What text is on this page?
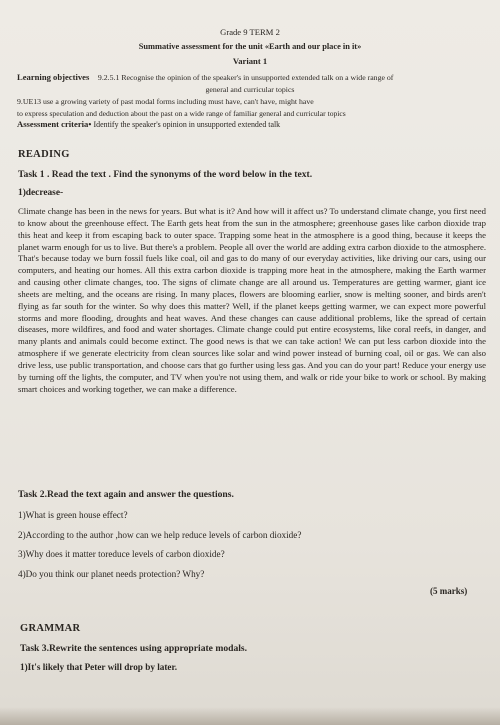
Grade 9 TERM 2
Summative assessment for the unit «Earth and our place in it»
Variant 1
Learning objectives 9.2.5.1 Recognise the opinion of the speaker's in unsupported extended talk on a wide range of
general and curricular topics
9.UE13 use a growing variety of past modal forms including must have, can't have, might have
to express speculation and deduction about the past on a wide range of familiar general and curricular topics
Assessment criteria• Identify the speaker's opinion in unsupported extended talk
READING
Task 1 . Read the text . Find the synonyms of the word below in the text.
1)decrease-
Climate change has been in the news for years. But what is it? And how will it affect us? To understand climate change, you first need to know about the greenhouse effect. The Earth gets heat from the sun in the atmosphere; greenhouse gases like carbon dioxide trap this heat and keep it from escaping back to outer space. Trapping some heat in the atmosphere is a good thing, because it keeps the planet warm enough for us to live. But there's a problem. People all over the world are adding extra carbon dioxide to the atmosphere. That's because today we burn fossil fuels like coal, oil and gas to do many of our everyday activities, like driving our cars, using our computers, and heating our homes. All this extra carbon dioxide is trapping more heat in the atmosphere, making the Earth warmer and causing other climate changes, too. The signs of climate change are all around us. Temperatures are getting warmer, giant ice sheets are melting, and the oceans are rising. In many places, flowers are blooming earlier, snow is melting sooner, and birds aren't flying as far south for the winter. So why does this matter? Well, if the planet keeps getting warmer, we can expect more powerful storms and more flooding, droughts and heat waves. And these changes can cause additional problems, like the spread of certain diseases, more wildfires, and food and water shortages. Climate change could put entire ecosystems, like coral reefs, in danger, and many plants and animals could become extinct. The good news is that we can take action! We can put less carbon dioxide into the atmosphere if we generate electricity from clean sources like solar and wind power instead of burning coal, oil or gas. We can also drive less, use public transportation, and choose cars that go further using less gas. And you can do your part! Reduce your energy use by turning off the lights, the computer, and TV when you're not using them, and walk or ride your bike to work or school. By making smart choices and working together, we can make a difference.
Task 2.Read the text again and answer the questions.
1)What is green house effect?
2)According to the author ,how can we help reduce levels of carbon dioxide?
3)Why does it matter toreduce levels of carbon dioxide?
4)Do you think our planet needs protection? Why?
(5 marks)
GRAMMAR
Task 3.Rewrite the sentences using appropriate modals.
1)It's likely that Peter will drop by later.
